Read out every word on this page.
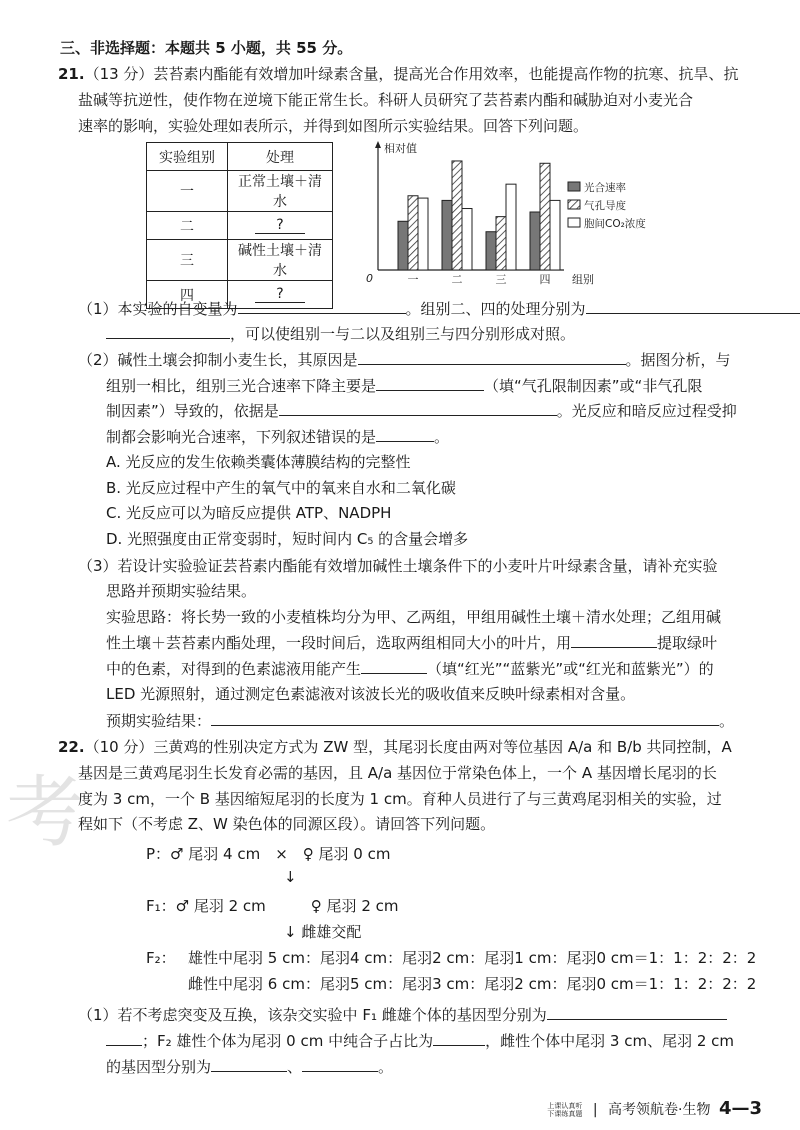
考
三、非选择题：本题共 5 小题，共 55 分。
21.（13 分）芸苔素内酯能有效增加叶绿素含量，提高光合作用效率，也能提高作物的抗寒、抗旱、抗
盐碱等抗逆性，使作物在逆境下能正常生长。科研人员研究了芸苔素内酯和碱胁迫对小麦光合
速率的影响，实验处理如表所示，并得到如图所示实验结果。回答下列问题。
实验组别	处理
一	正常土壤＋清水
二	?
三	碱性土壤＋清水
四	?
相对值
组别
0	一	二	三	四
光合速率
气孔导度
胞间CO₂浓度
（1）本实验的自变量为	。组别二、四的处理分别为
，可以使组别一与二以及组别三与四分别形成对照。
（2）碱性土壤会抑制小麦生长，其原因是	。据图分析，与
组别一相比，组别三光合速率下降主要是	（填“气孔限制因素”或“非气孔限
制因素”）导致的，依据是	。光反应和暗反应过程受抑
制都会影响光合速率，下列叙述错误的是	。
A. 光反应的发生依赖类囊体薄膜结构的完整性
B. 光反应过程中产生的氧气中的氧来自水和二氧化碳
C. 光反应可以为暗反应提供 ATP、NADPH
D. 光照强度由正常变弱时，短时间内 C₅ 的含量会增多
（3）若设计实验验证芸苔素内酯能有效增加碱性土壤条件下的小麦叶片叶绿素含量，请补充实验
思路并预期实验结果。
实验思路：将长势一致的小麦植株均分为甲、乙两组，甲组用碱性土壤＋清水处理；乙组用碱
性土壤＋芸苔素内酯处理，一段时间后，选取两组相同大小的叶片，用	提取绿叶
中的色素，对得到的色素滤液用能产生	（填“红光”“蓝紫光”或“红光和蓝紫光”）的
LED 光源照射，通过测定色素滤液对该波长光的吸收值来反映叶绿素相对含量。
预期实验结果：	。
22.（10 分）三黄鸡的性别决定方式为 ZW 型，其尾羽长度由两对等位基因 A/a 和 B/b 共同控制，A
基因是三黄鸡尾羽生长发育必需的基因，且 A/a 基因位于常染色体上，一个 A 基因增长尾羽的长
度为 3 cm，一个 B 基因缩短尾羽的长度为 1 cm。育种人员进行了与三黄鸡尾羽相关的实验，过
程如下（不考虑 Z、W 染色体的同源区段）。请回答下列问题。
P：♂ 尾羽 4 cm　×　♀ 尾羽 0 cm
↓
F₁：♂ 尾羽 2 cm　　　♀ 尾羽 2 cm
↓ 雌雄交配
F₂： 雄性中尾羽 5 cm：尾羽4 cm：尾羽2 cm：尾羽1 cm：尾羽0 cm＝1：1：2：2：2
雌性中尾羽 6 cm：尾羽5 cm：尾羽3 cm：尾羽2 cm：尾羽0 cm＝1：1：2：2：2
（1）若不考虑突变及互换，该杂交实验中 F₁ 雌雄个体的基因型分别为
；F₂ 雄性个体为尾羽 0 cm 中纯合子占比为	，雌性个体中尾羽 3 cm、尾羽 2 cm
的基因型分别为	、	。
上课认真听
下课练真题 | 高考领航卷·生物 4—3
